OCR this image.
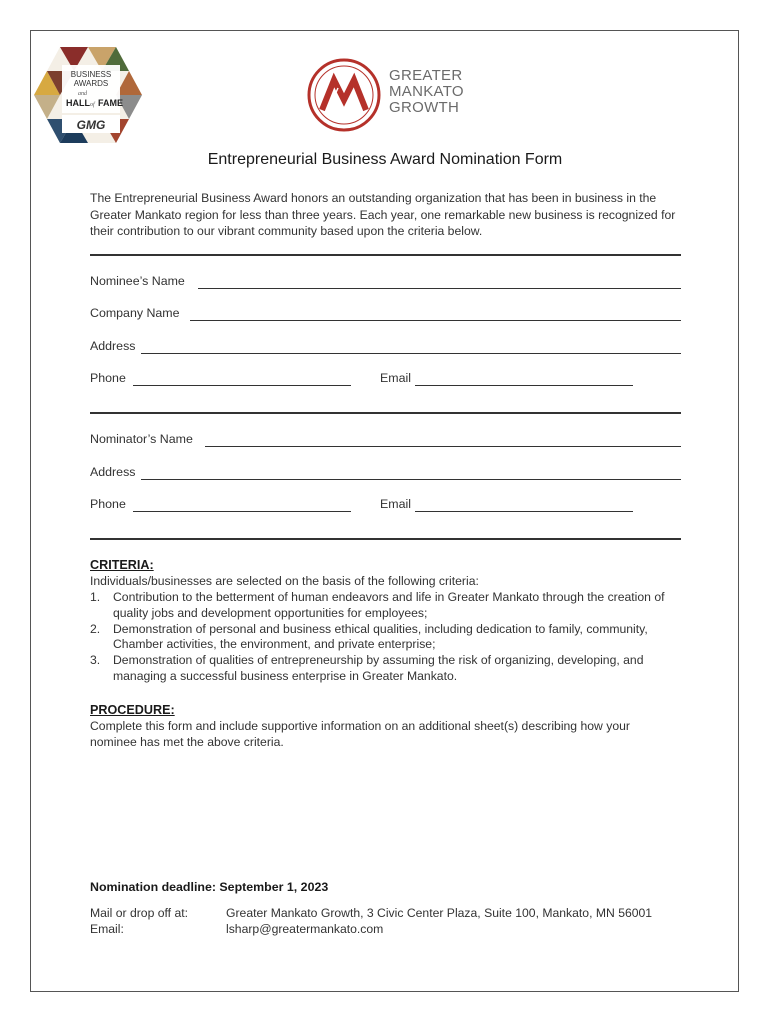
BUSINESS
AWARDS
and
HALL of FAME
GMG
GREATER
MANKATO
GROWTH
Entrepreneurial Business Award Nomination Form
The Entrepreneurial Business Award honors an outstanding organization that has been in business in the Greater Mankato region for less than three years. Each year, one remarkable new business is recognized for their contribution to our vibrant community based upon the criteria below.
Nominee’s Name
Company Name
Address
Phone	Email
Nominator’s Name
Address
Phone	Email
CRITERIA:
Individuals/businesses are selected on the basis of the following criteria:
1. Contribution to the betterment of human endeavors and life in Greater Mankato through the creation of quality jobs and development opportunities for employees;
2. Demonstration of personal and business ethical qualities, including dedication to family, community, Chamber activities, the environment, and private enterprise;
3. Demonstration of qualities of entrepreneurship by assuming the risk of organizing, developing, and managing a successful business enterprise in Greater Mankato.
PROCEDURE:
Complete this form and include supportive information on an additional sheet(s) describing how your nominee has met the above criteria.
Nomination deadline: September 1, 2023
Mail or drop off at:	Greater Mankato Growth, 3 Civic Center Plaza, Suite 100, Mankato, MN 56001
Email:	lsharp@greatermankato.com
